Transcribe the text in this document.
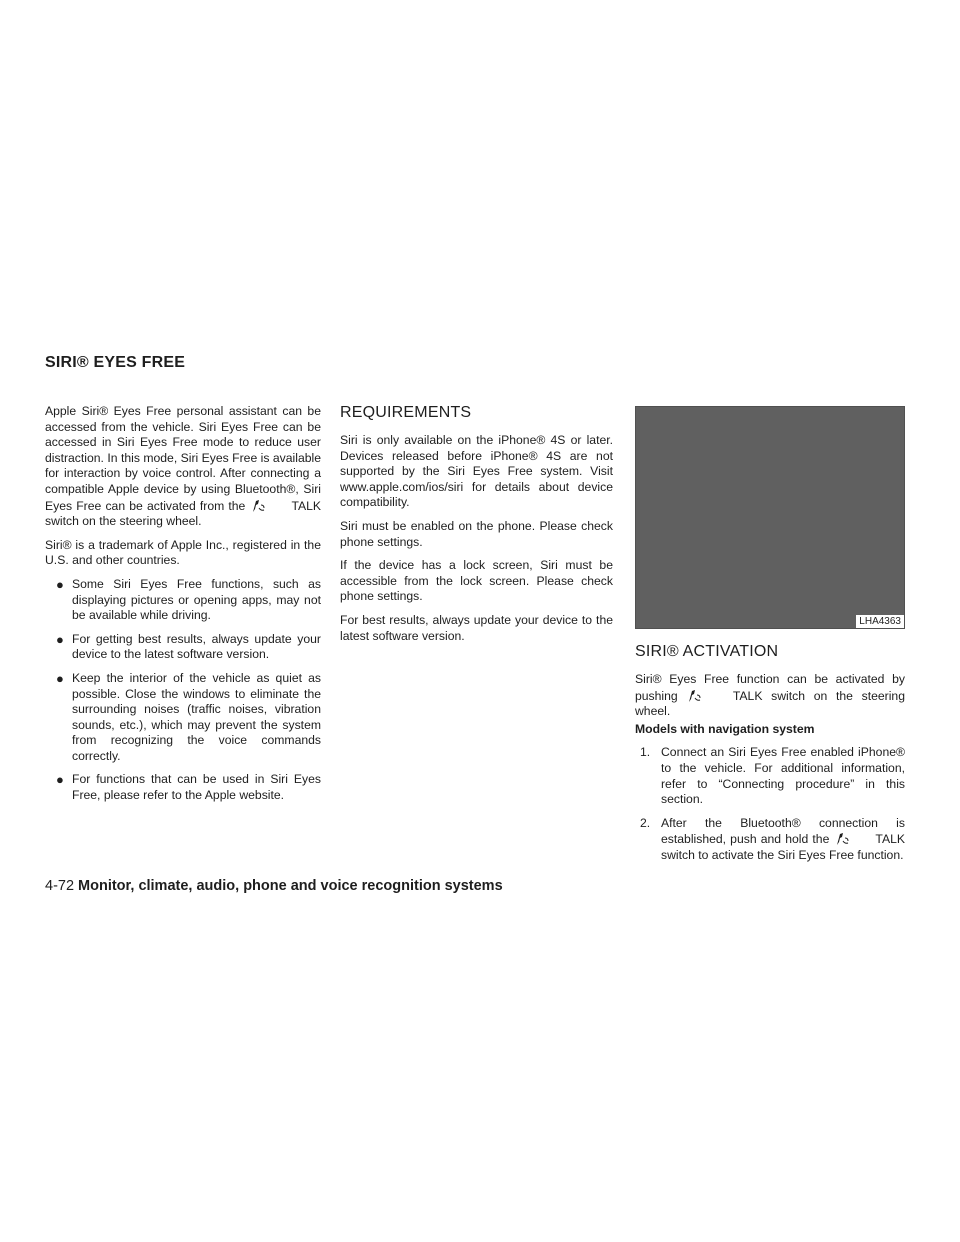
SIRI® EYES FREE

Apple Siri® Eyes Free personal assistant can be accessed from the vehicle. Siri Eyes Free can be accessed in Siri Eyes Free mode to reduce user distraction. In this mode, Siri Eyes Free is available for interaction by voice control. After connecting a compatible Apple device by using Bluetooth®, Siri Eyes Free can be activated from the	TALK switch on the steering wheel.

Siri® is a trademark of Apple Inc., registered in the U.S. and other countries.

● Some Siri Eyes Free functions, such as displaying pictures or opening apps, may not be available while driving.
● For getting best results, always update your device to the latest software version.
● Keep the interior of the vehicle as quiet as possible. Close the windows to eliminate the surrounding noises (traffic noises, vibration sounds, etc.), which may prevent the system from recognizing the voice commands correctly.
● For functions that can be used in Siri Eyes Free, please refer to the Apple website.
REQUIREMENTS

Siri is only available on the iPhone® 4S or later. Devices released before iPhone® 4S are not supported by the Siri Eyes Free system. Visit www.apple.com/ios/siri for details about device compatibility.

Siri must be enabled on the phone. Please check phone settings.

If the device has a lock screen, Siri must be accessible from the lock screen. Please check phone settings.

For best results, always update your device to the latest software version.

LHA4363
SIRI® ACTIVATION

Siri® Eyes Free function can be activated by pushing	TALK switch on the steering wheel.

Models with navigation system

1. Connect an Siri Eyes Free enabled iPhone® to the vehicle. For additional information, refer to “Connecting procedure” in this section.
2. After the Bluetooth® connection is established, push and hold the	TALK switch to activate the Siri Eyes Free function.
4-72 Monitor, climate, audio, phone and voice recognition systems
